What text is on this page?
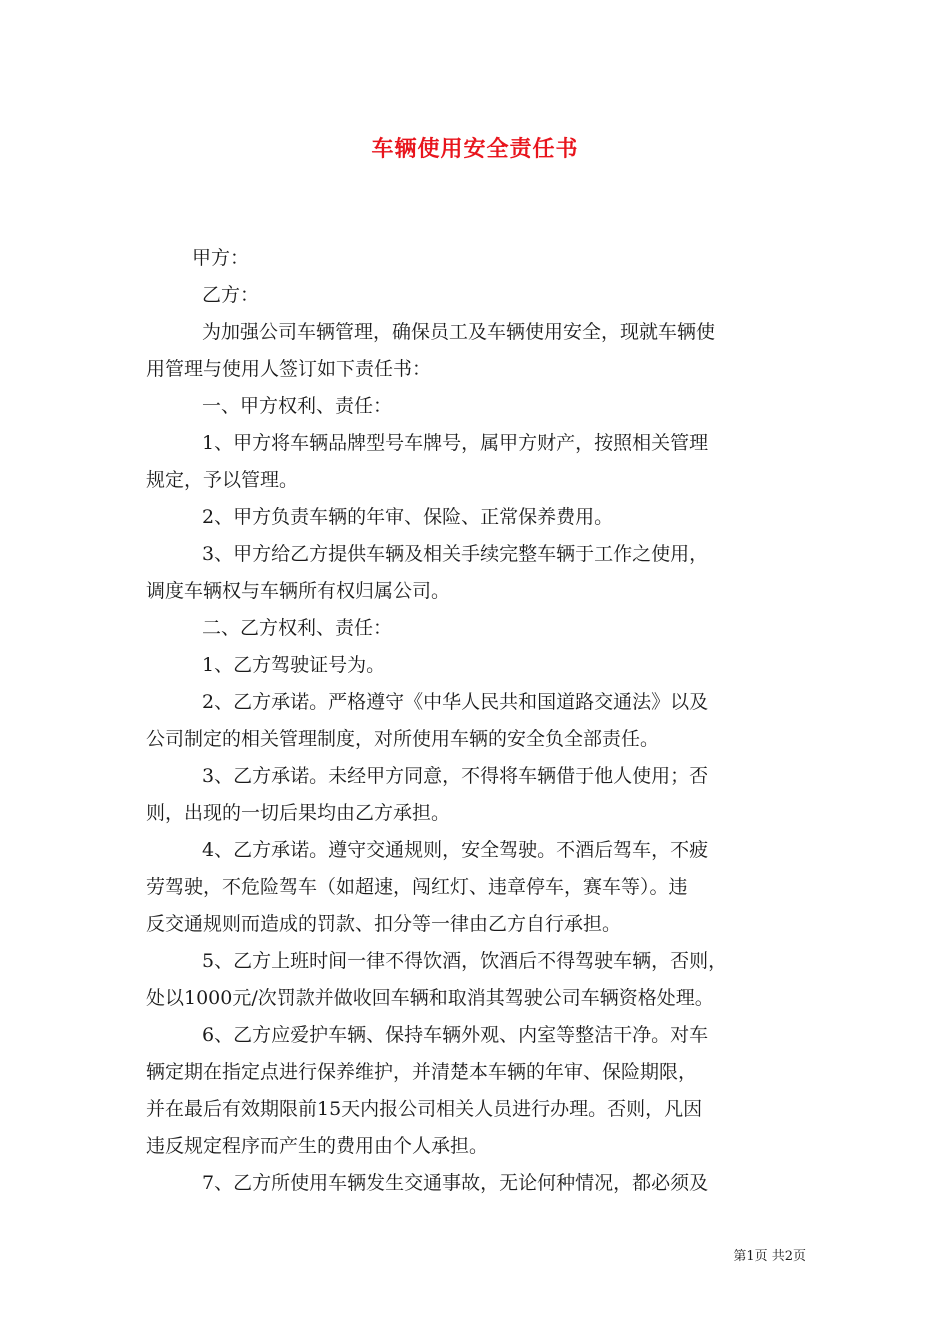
车辆使用安全责任书
甲方：
乙方：
为加强公司车辆管理，确保员工及车辆使用安全，现就车辆使
用管理与使用人签订如下责任书：
一、甲方权利、责任：
1、甲方将车辆品牌型号车牌号，属甲方财产，按照相关管理
规定，予以管理。
2、甲方负责车辆的年审、保险、正常保养费用。
3、甲方给乙方提供车辆及相关手续完整车辆于工作之使用，
调度车辆权与车辆所有权归属公司。
二、乙方权利、责任：
1、乙方驾驶证号为。
2、乙方承诺。严格遵守《中华人民共和国道路交通法》以及
公司制定的相关管理制度，对所使用车辆的安全负全部责任。
3、乙方承诺。未经甲方同意，不得将车辆借于他人使用；否
则，出现的一切后果均由乙方承担。
4、乙方承诺。遵守交通规则，安全驾驶。不酒后驾车，不疲
劳驾驶，不危险驾车（如超速，闯红灯、违章停车，赛车等）。违
反交通规则而造成的罚款、扣分等一律由乙方自行承担。
5、乙方上班时间一律不得饮酒，饮酒后不得驾驶车辆，否则，
处以1000元/次罚款并做收回车辆和取消其驾驶公司车辆资格处理。
6、乙方应爱护车辆、保持车辆外观、内室等整洁干净。对车
辆定期在指定点进行保养维护，并清楚本车辆的年审、保险期限，
并在最后有效期限前15天内报公司相关人员进行办理。否则，凡因
违反规定程序而产生的费用由个人承担。
7、乙方所使用车辆发生交通事故，无论何种情况，都必须及
第1页 共2页
